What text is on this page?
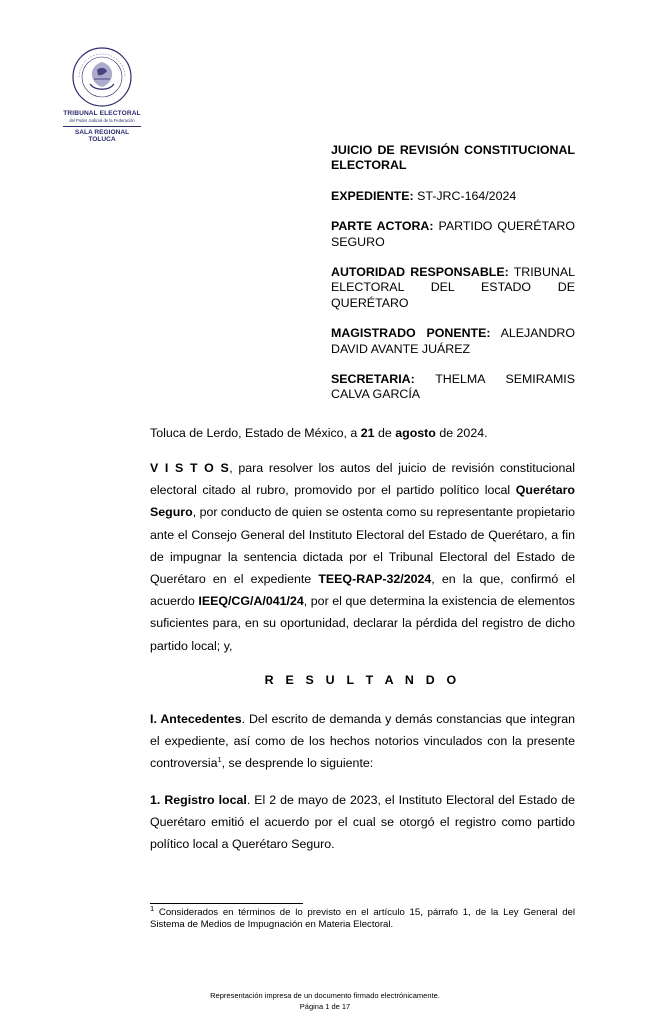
TRIBUNAL ELECTORAL
del Poder Judicial de la Federación
SALA REGIONAL
TOLUCA
JUICIO DE REVISIÓN CONSTITUCIONAL ELECTORAL
EXPEDIENTE: ST-JRC-164/2024
PARTE ACTORA: PARTIDO QUERÉTARO SEGURO
AUTORIDAD RESPONSABLE: TRIBUNAL ELECTORAL DEL ESTADO DE QUERÉTARO
MAGISTRADO PONENTE: ALEJANDRO DAVID AVANTE JUÁREZ
SECRETARIA: THELMA SEMIRAMIS CALVA GARCÍA
Toluca de Lerdo, Estado de México, a 21 de agosto de 2024.
V I S T O S, para resolver los autos del juicio de revisión constitucional electoral citado al rubro, promovido por el partido político local Querétaro Seguro, por conducto de quien se ostenta como su representante propietario ante el Consejo General del Instituto Electoral del Estado de Querétaro, a fin de impugnar la sentencia dictada por el Tribunal Electoral del Estado de Querétaro en el expediente TEEQ-RAP-32/2024, en la que, confirmó el acuerdo IEEQ/CG/A/041/24, por el que determina la existencia de elementos suficientes para, en su oportunidad, declarar la pérdida del registro de dicho partido local; y,
R E S U L T A N D O
I. Antecedentes. Del escrito de demanda y demás constancias que integran el expediente, así como de los hechos notorios vinculados con la presente controversia$^1$, se desprende lo siguiente:
1. Registro local. El 2 de mayo de 2023, el Instituto Electoral del Estado de Querétaro emitió el acuerdo por el cual se otorgó el registro como partido político local a Querétaro Seguro.
$^1$ Considerados en términos de lo previsto en el artículo 15, párrafo 1, de la Ley General del Sistema de Medios de Impugnación en Materia Electoral.
Representación impresa de un documento firmado electrónicamente.
Página 1 de 17
